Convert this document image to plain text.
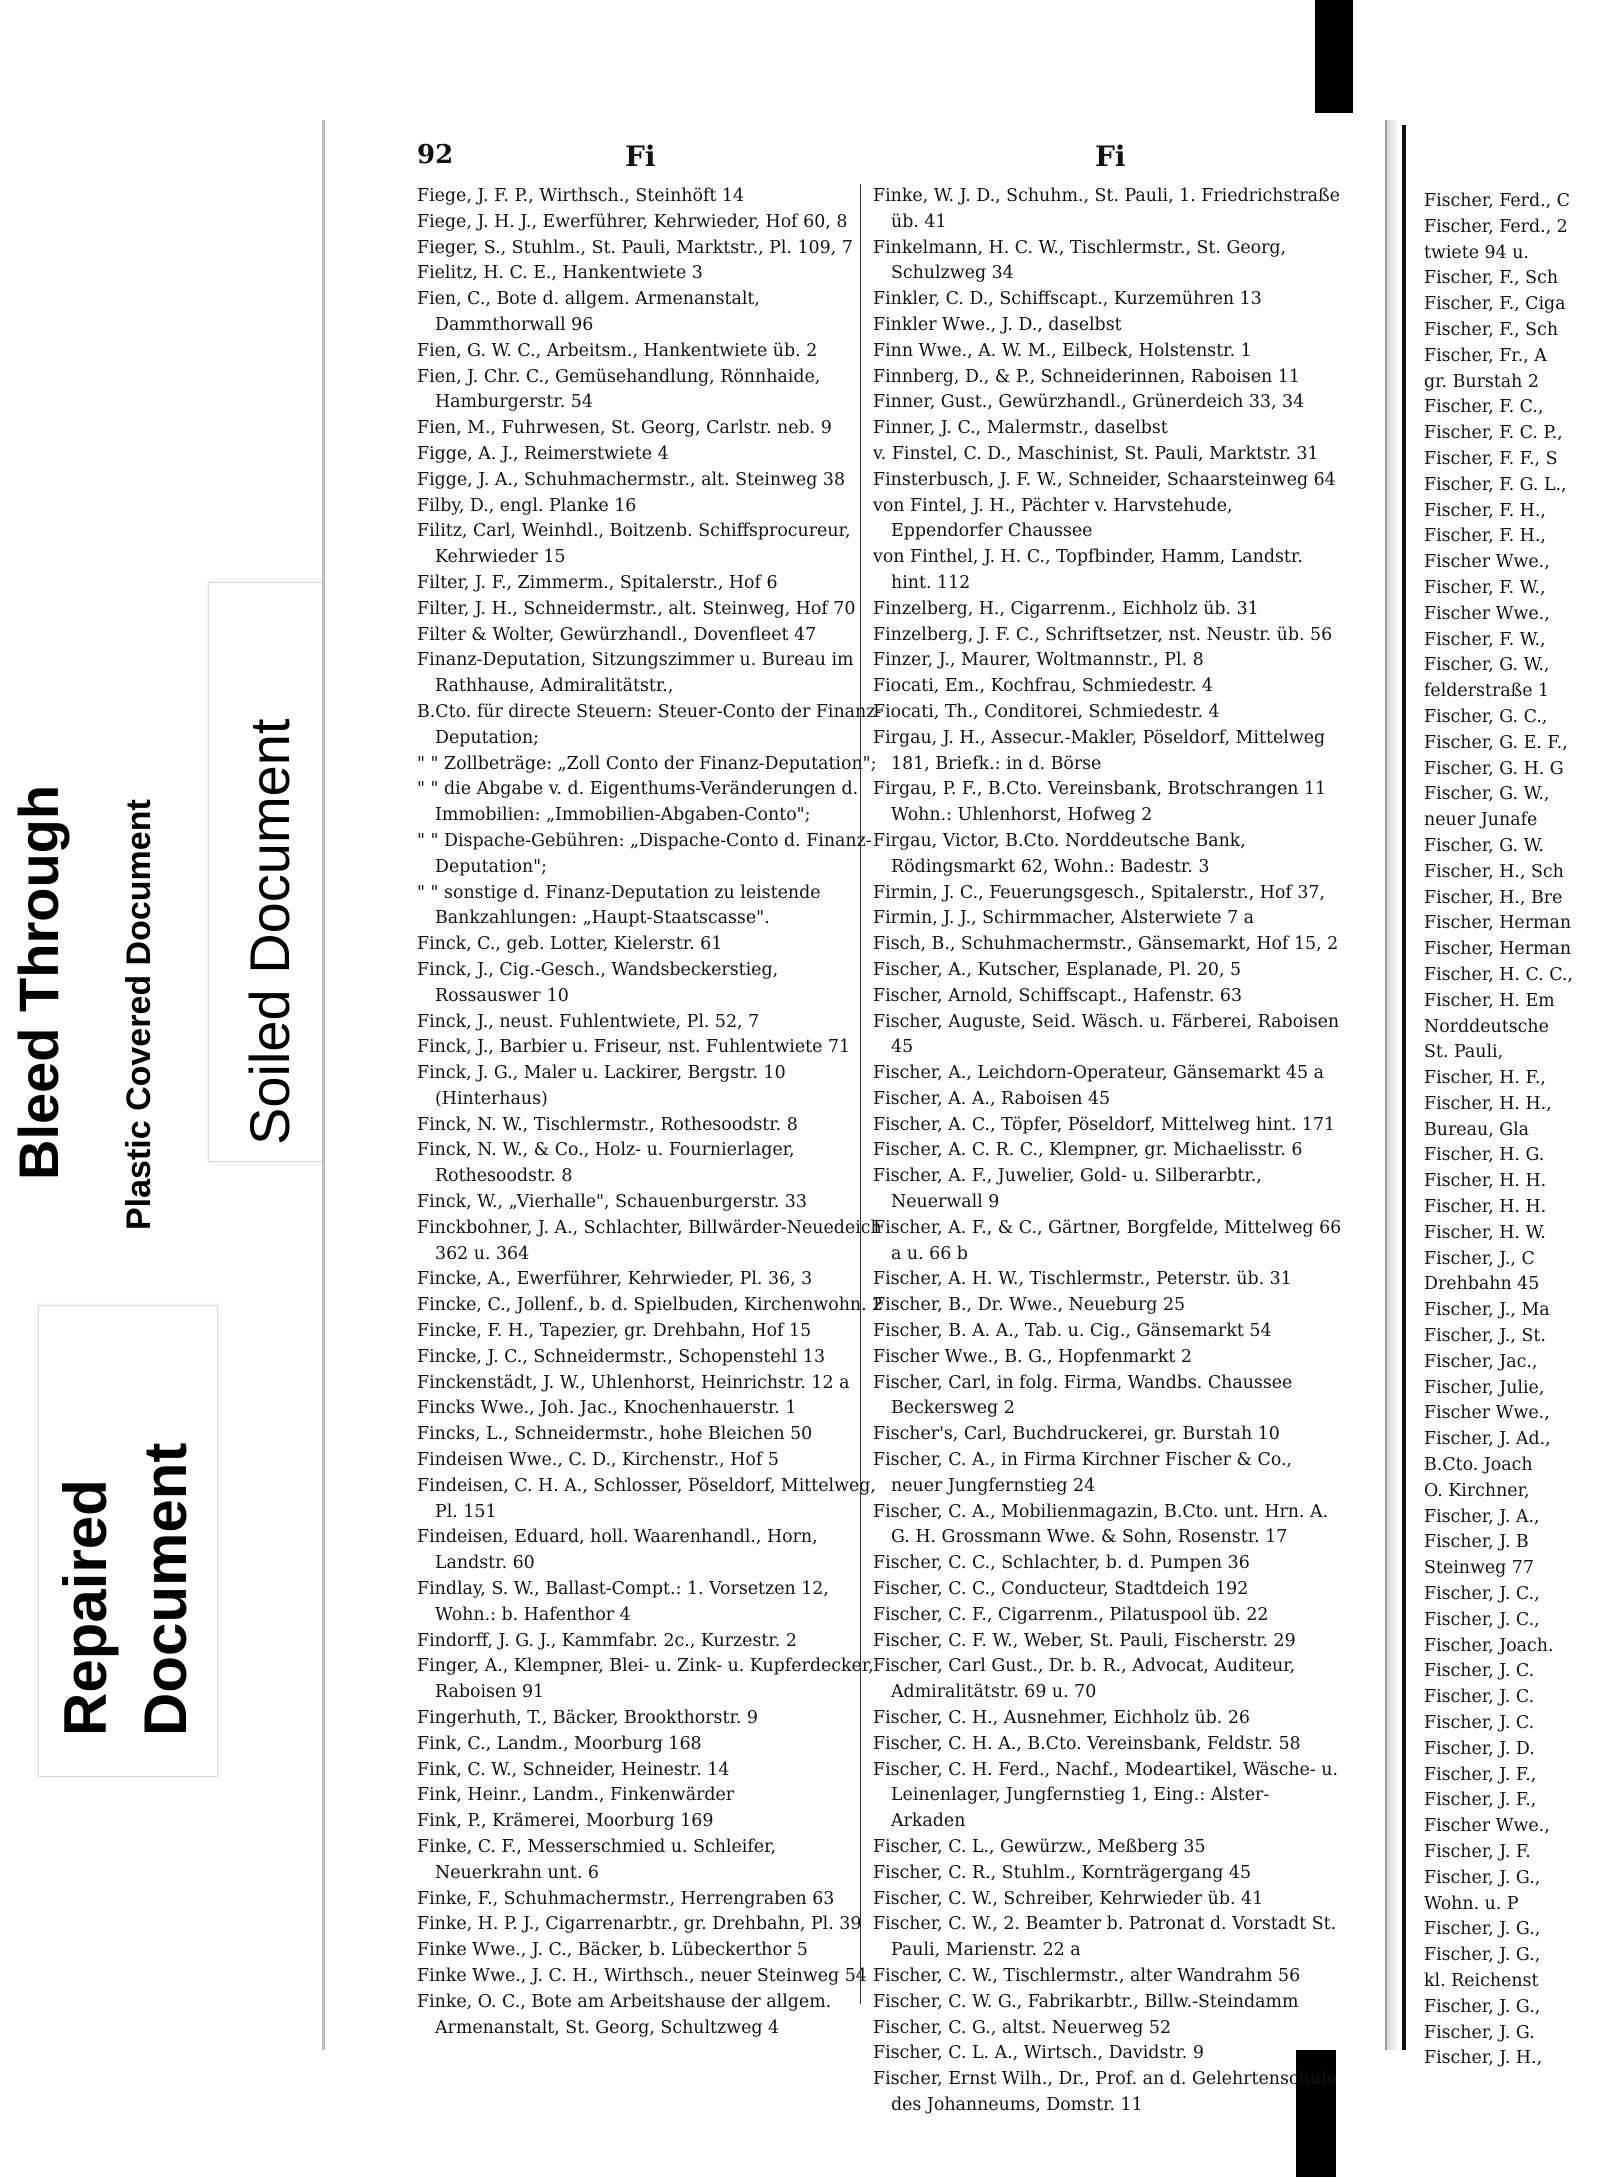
Bleed Through Plastic Covered Document Soiled Document
Repaired Document
92	Fi	Fi
Fiege, J. F. P., Wirthsch., Steinhöft 14
Fiege, J. H. J., Ewerführer, Kehrwieder, Hof 60, 8
Fieger, S., Stuhlm., St. Pauli, Marktstr., Pl. 109, 7
Fielitz, H. C. E., Hankentwiete 3
Fien, C., Bote d. allgem. Armenanstalt, Dammthorwall 96
Fien, G. W. C., Arbeitsm., Hankentwiete üb. 2
Fien, J. Chr. C., Gemüsehandlung, Rönnhaide, Hamburgerstr. 54
Fien, M., Fuhrwesen, St. Georg, Carlstr. neb. 9
Figge, A. J., Reimerstwiete 4
Figge, J. A., Schuhmachermstr., alt. Steinweg 38
Filby, D., engl. Planke 16
Filitz, Carl, Weinhdl., Boitzenb. Schiffsprocureur, Kehrwieder 15
Filter, J. F., Zimmerm., Spitalerstr., Hof 6
Filter, J. H., Schneidermstr., alt. Steinweg, Hof 70
Filter & Wolter, Gewürzhandl., Dovenfleet 47
Finanz-Deputation, Sitzungszimmer u. Bureau im Rathhause, Admiralitätstr.,
B.Cto. für directe Steuern: Steuer-Conto der Finanz-Deputation;
" " Zollbeträge: „Zoll Conto der Finanz-Deputation";
" " die Abgabe v. d. Eigenthums-Veränderungen d. Immobilien: „Immobilien-Abgaben-Conto";
" " Dispache-Gebühren: „Dispache-Conto d. Finanz-Deputation";
" " sonstige d. Finanz-Deputation zu leistende Bankzahlungen: „Haupt-Staatscasse".
Finck, C., geb. Lotter, Kielerstr. 61
Finck, J., Cig.-Gesch., Wandsbeckerstieg, Rossauswег 10
Finck, J., neust. Fuhlentwiete, Pl. 52, 7
Finck, J., Barbier u. Friseur, nst. Fuhlentwiete 71
Finck, J. G., Maler u. Lackirer, Bergstr. 10 (Hinterhaus)
Finck, N. W., Tischlermstr., Rothesoodstr. 8
Finck, N. W., & Co., Holz- u. Fournierlager, Rothesoodstr. 8
Finck, W., „Vierhalle", Schauenburgerstr. 33
Finckbohner, J. A., Schlachter, Billwärder-Neuedeich 362 u. 364
Fincke, A., Ewerführer, Kehrwieder, Pl. 36, 3
Fincke, C., Jollenf., b. d. Spielbuden, Kirchenwohn. 2
Fincke, F. H., Tapezier, gr. Drehbahn, Hof 15
Fincke, J. C., Schneidermstr., Schopenstehl 13
Finckenstädt, J. W., Uhlenhorst, Heinrichstr. 12 a
Fincks Wwe., Joh. Jac., Knochenhauerstr. 1
Fincks, L., Schneidermstr., hohe Bleichen 50
Findeisen Wwe., C. D., Kirchenstr., Hof 5
Findeisen, C. H. A., Schlosser, Pöseldorf, Mittelweg, Pl. 151
Findeisen, Eduard, holl. Waarenhandl., Horn, Landstr. 60
Findlay, S. W., Ballast-Compt.: 1. Vorsetzen 12, Wohn.: b. Hafenthor 4
Findorff, J. G. J., Kammfabr. 2c., Kurzestr. 2
Finger, A., Klempner, Blei- u. Zink- u. Kupferdecker, Raboisen 91
Fingerhuth, T., Bäcker, Brookthorstr. 9
Fink, C., Landm., Moorburg 168
Fink, C. W., Schneider, Heinestr. 14
Fink, Heinr., Landm., Finkenwärder
Fink, P., Krämerei, Moorburg 169
Finke, C. F., Messerschmied u. Schleifer, Neuerkrahn unt. 6
Finke, F., Schuhmachermstr., Herrengraben 63
Finke, H. P. J., Cigarrenarbtr., gr. Drehbahn, Pl. 39
Finke Wwe., J. C., Bäcker, b. Lübeckerthor 5
Finke Wwe., J. C. H., Wirthsch., neuer Steinweg 54
Finke, O. C., Bote am Arbeitshause der allgem. Armenanstalt, St. Georg, Schultzweg 4
Finke, W. J. D., Schuhm., St. Pauli, 1. Friedrichstraße üb. 41
Finkelmann, H. C. W., Tischlermstr., St. Georg, Schulzweg 34
Finkler, C. D., Schiffscapt., Kurzemühren 13
Finkler Wwe., J. D., daselbst
Finn Wwe., A. W. M., Eilbeck, Holstenstr. 1
Finnberg, D., & P., Schneiderinnen, Raboisen 11
Finner, Gust., Gewürzhandl., Grünerdeich 33, 34
Finner, J. C., Malermstr., daselbst
v. Finstel, C. D., Maschinist, St. Pauli, Marktstr. 31
Finsterbusch, J. F. W., Schneider, Schaarsteinweg 64
von Fintel, J. H., Pächter v. Harvstehude, Eppendorfer Chaussee
von Finthel, J. H. C., Topfbinder, Hamm, Landstr. hint. 112
Finzelberg, H., Cigarrenm., Eichholz üb. 31
Finzelberg, J. F. C., Schriftsetzer, nst. Neustr. üb. 56
Finzer, J., Maurer, Woltmannstr., Pl. 8
Fiocati, Em., Kochfrau, Schmiedestr. 4
Fiocati, Th., Conditorei, Schmiedestr. 4
Firgau, J. H., Assecur.-Makler, Pöseldorf, Mittelweg 181, Briefk.: in d. Börse
Firgau, P. F., B.Cto. Vereinsbank, Brotschrangen 11 Wohn.: Uhlenhorst, Hofweg 2
Firgau, Victor, B.Cto. Norddeutsche Bank, Rödingsmarkt 62, Wohn.: Badestr. 3
Firmin, J. C., Feuerungsgesch., Spitalerstr., Hof 37,
Firmin, J. J., Schirmmacher, Alsterwiete 7 a
Fisch, B., Schuhmachermstr., Gänsemarkt, Hof 15, 2
Fischer, A., Kutscher, Esplanade, Pl. 20, 5
Fischer, Arnold, Schiffscapt., Hafenstr. 63
Fischer, Auguste, Seid. Wäsch. u. Färberei, Raboisen 45
Fischer, A., Leichdorn-Operateur, Gänsemarkt 45 a
Fischer, A. A., Raboisen 45
Fischer, A. C., Töpfer, Pöseldorf, Mittelweg hint. 171
Fischer, A. C. R. C., Klempner, gr. Michaelisstr. 6
Fischer, A. F., Juwelier, Gold- u. Silberarbtr., Neuerwall 9
Fischer, A. F., & C., Gärtner, Borgfelde, Mittelweg 66 a u. 66 b
Fischer, A. H. W., Tischlermstr., Peterstr. üb. 31
Fischer, B., Dr. Wwe., Neueburg 25
Fischer, B. A. A., Tab. u. Cig., Gänsemarkt 54
Fischer Wwe., B. G., Hopfenmarkt 2
Fischer, Carl, in folg. Firma, Wandbs. Chaussee Beckersweg 2
Fischer's, Carl, Buchdruckerei, gr. Burstah 10
Fischer, C. A., in Firma Kirchner Fischer & Co., neuer Jungfernstieg 24
Fischer, C. A., Mobilienmagazin, B.Cto. unt. Hrn. A. G. H. Grossmann Wwe. & Sohn, Rosenstr. 17
Fischer, C. C., Schlachter, b. d. Pumpen 36
Fischer, C. C., Conducteur, Stadtdeich 192
Fischer, C. F., Cigarrenm., Pilatuspool üb. 22
Fischer, C. F. W., Weber, St. Pauli, Fischerstr. 29
Fischer, Carl Gust., Dr. b. R., Advocat, Auditeur, Admiralitätstr. 69 u. 70
Fischer, C. H., Ausnehmer, Eichholz üb. 26
Fischer, C. H. A., B.Cto. Vereinsbank, Feldstr. 58
Fischer, C. H. Ferd., Nachf., Modeartikel, Wäsche- u. Leinenlager, Jungfernstieg 1, Eing.: Alster-Arkaden
Fischer, C. L., Gewürzw., Meßberg 35
Fischer, C. R., Stuhlm., Kornträgergang 45
Fischer, C. W., Schreiber, Kehrwieder üb. 41
Fischer, C. W., 2. Beamter b. Patronat d. Vorstadt St. Pauli, Marienstr. 22 a
Fischer, C. W., Tischlermstr., alter Wandrahm 56
Fischer, C. W. G., Fabrikarbtr., Billw.-Steindamm
Fischer, C. G., altst. Neuerweg 52
Fischer, C. L. A., Wirtsch., Davidstr. 9
Fischer, Ernst Wilh., Dr., Prof. an d. Gelehrtenschule des Johanneums, Domstr. 11
Fischer, Ferd., C
Fischer, Ferd., 2
twiete 94 u.
Fischer, F., Sch
Fischer, F., Ciga
Fischer, F., Sch
Fischer, Fr., A
gr. Burstah 2
Fischer, F. C.,
Fischer, F. C. P.,
Fischer, F. F., S
Fischer, F. G. L.,
Fischer, F. H.,
Fischer, F. H.,
Fischer Wwe.,
Fischer, F. W.,
Fischer Wwe.,
Fischer, F. W.,
Fischer, G. W.,
felderstraße 1
Fischer, G. C.,
Fischer, G. E. F.,
Fischer, G. H. G
Fischer, G. W.,
neuer Junafe
Fischer, G. W.
Fischer, H., Sch
Fischer, H., Bre
Fischer, Herman
Fischer, Herman
Fischer, H. C. C.,
Fischer, H. Em
Norddeutsche
St. Pauli,
Fischer, H. F.,
Fischer, H. H.,
Bureau, Gla
Fischer, H. G.
Fischer, H. H.
Fischer, H. H.
Fischer, H. W.
Fischer, J., C
Drehbahn 45
Fischer, J., Ma
Fischer, J., St.
Fischer, Jac.,
Fischer, Julie,
Fischer Wwe.,
Fischer, J. Ad.,
B.Cto. Joach
O. Kirchner,
Fischer, J. A.,
Fischer, J. B
Steinweg 77
Fischer, J. C.,
Fischer, J. C.,
Fischer, Joach.
Fischer, J. C.
Fischer, J. C.
Fischer, J. C.
Fischer, J. D.
Fischer, J. F.,
Fischer, J. F.,
Fischer Wwe.,
Fischer, J. F.
Fischer, J. G.,
Wohn. u. P
Fischer, J. G.,
Fischer, J. G.,
kl. Reichenst
Fischer, J. G.,
Fischer, J. G.
Fischer, J. H.,
